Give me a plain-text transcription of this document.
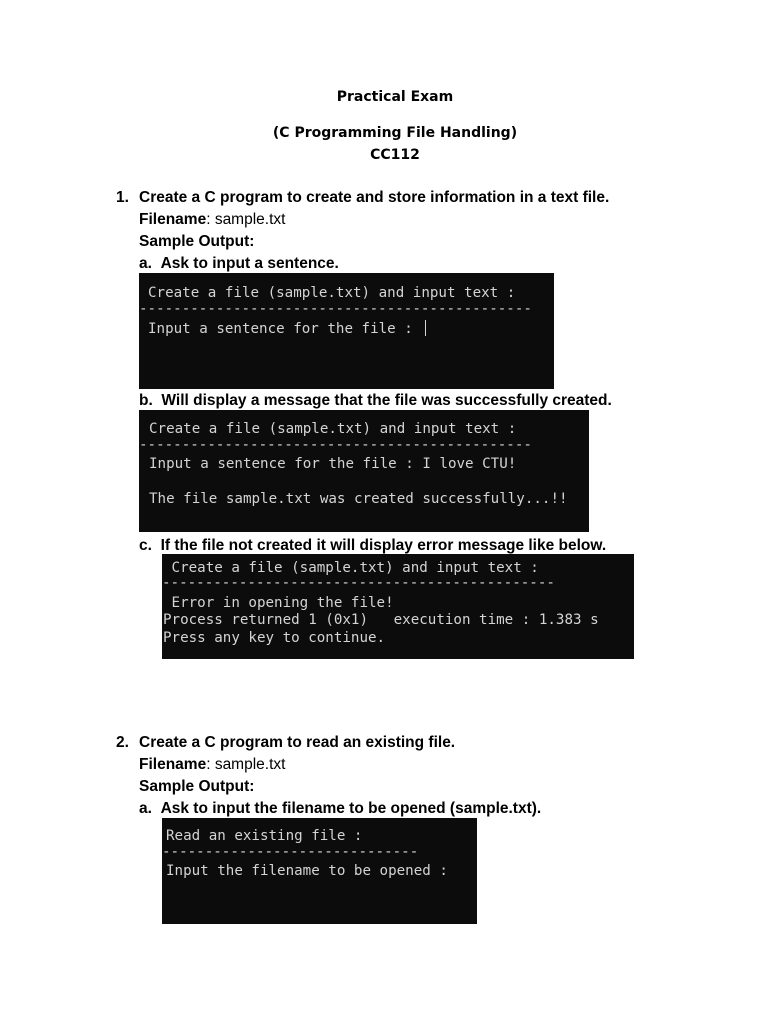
Practical Exam
(C Programming File Handling)
CC112
1. Create a C program to create and store information in a text file.
Filename: sample.txt
Sample Output:
a. Ask to input a sentence.

Create a file (sample.txt) and input text :

----------------------------------------------

Input a sentence for the file :

b. Will display a message that the file was successfully created.

Create a file (sample.txt) and input text :

----------------------------------------------

Input a sentence for the file : I love CTU!

The file sample.txt was created successfully...!!

c. If the file not created it will display error message like below.

Create a file (sample.txt) and input text :

----------------------------------------------

Error in opening the file!

Process returned 1 (0x1)   execution time : 1.383 s

Press any key to continue.

2. Create a C program to read an existing file.
Filename: sample.txt
Sample Output:
a. Ask to input the filename to be opened (sample.txt).

Read an existing file :

------------------------------

Input the filename to be opened :
